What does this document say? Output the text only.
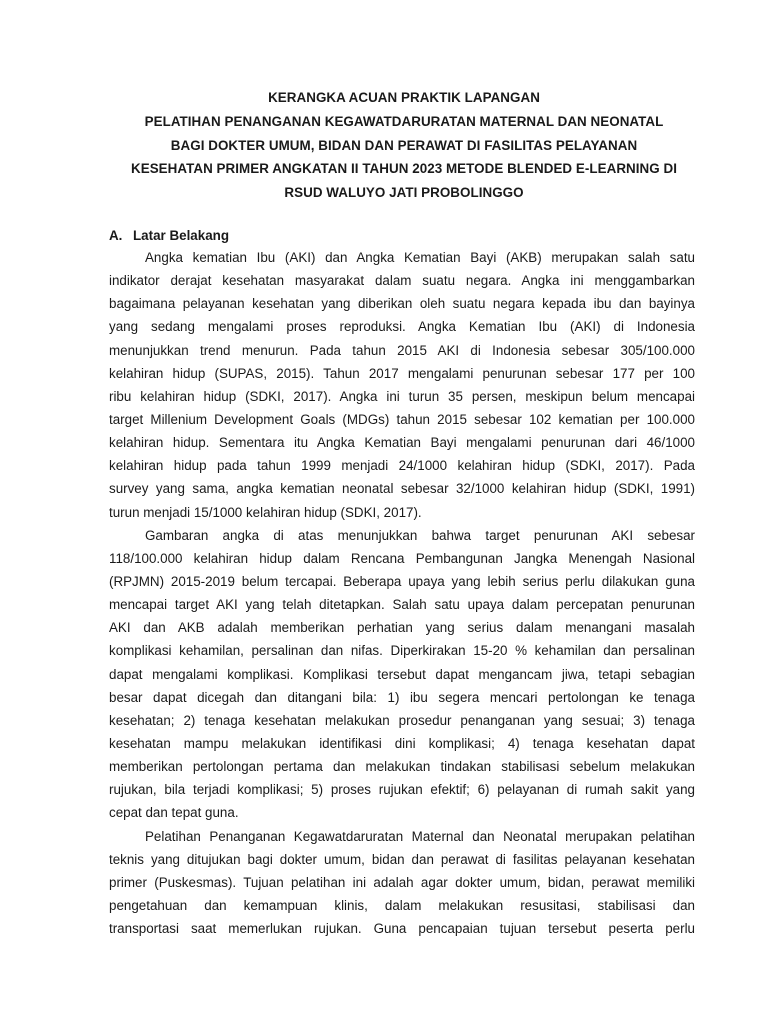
KERANGKA ACUAN PRAKTIK LAPANGAN
PELATIHAN PENANGANAN KEGAWATDARURATAN MATERNAL DAN NEONATAL
BAGI DOKTER UMUM, BIDAN DAN PERAWAT DI FASILITAS PELAYANAN
KESEHATAN PRIMER ANGKATAN II TAHUN 2023 METODE BLENDED E-LEARNING DI
RSUD WALUYO JATI PROBOLINGGO
A. Latar Belakang
Angka kematian Ibu (AKI) dan Angka Kematian Bayi (AKB) merupakan salah satu
indikator derajat kesehatan masyarakat dalam suatu negara. Angka ini menggambarkan
bagaimana pelayanan kesehatan yang diberikan oleh suatu negara kepada ibu dan bayinya
yang sedang mengalami proses reproduksi. Angka Kematian Ibu (AKI) di Indonesia
menunjukkan trend menurun. Pada tahun 2015 AKI di Indonesia sebesar 305/100.000
kelahiran hidup (SUPAS, 2015). Tahun 2017 mengalami penurunan sebesar 177 per 100
ribu kelahiran hidup (SDKI, 2017). Angka ini turun 35 persen, meskipun belum mencapai
target Millenium Development Goals (MDGs) tahun 2015 sebesar 102 kematian per 100.000
kelahiran hidup. Sementara itu Angka Kematian Bayi mengalami penurunan dari 46/1000
kelahiran hidup pada tahun 1999 menjadi 24/1000 kelahiran hidup (SDKI, 2017). Pada
survey yang sama, angka kematian neonatal sebesar 32/1000 kelahiran hidup (SDKI, 1991)
turun menjadi 15/1000 kelahiran hidup (SDKI, 2017).
Gambaran angka di atas menunjukkan bahwa target penurunan AKI sebesar
118/100.000 kelahiran hidup dalam Rencana Pembangunan Jangka Menengah Nasional
(RPJMN) 2015-2019 belum tercapai. Beberapa upaya yang lebih serius perlu dilakukan guna
mencapai target AKI yang telah ditetapkan. Salah satu upaya dalam percepatan penurunan
AKI dan AKB adalah memberikan perhatian yang serius dalam menangani masalah
komplikasi kehamilan, persalinan dan nifas. Diperkirakan 15-20 % kehamilan dan persalinan
dapat mengalami komplikasi. Komplikasi tersebut dapat mengancam jiwa, tetapi sebagian
besar dapat dicegah dan ditangani bila: 1) ibu segera mencari pertolongan ke tenaga
kesehatan; 2) tenaga kesehatan melakukan prosedur penanganan yang sesuai; 3) tenaga
kesehatan mampu melakukan identifikasi dini komplikasi; 4) tenaga kesehatan dapat
memberikan pertolongan pertama dan melakukan tindakan stabilisasi sebelum melakukan
rujukan, bila terjadi komplikasi; 5) proses rujukan efektif; 6) pelayanan di rumah sakit yang
cepat dan tepat guna.
Pelatihan Penanganan Kegawatdaruratan Maternal dan Neonatal merupakan pelatihan
teknis yang ditujukan bagi dokter umum, bidan dan perawat di fasilitas pelayanan kesehatan
primer (Puskesmas). Tujuan pelatihan ini adalah agar dokter umum, bidan, perawat memiliki
pengetahuan dan kemampuan klinis, dalam melakukan resusitasi, stabilisasi dan
transportasi saat memerlukan rujukan. Guna pencapaian tujuan tersebut peserta perlu
